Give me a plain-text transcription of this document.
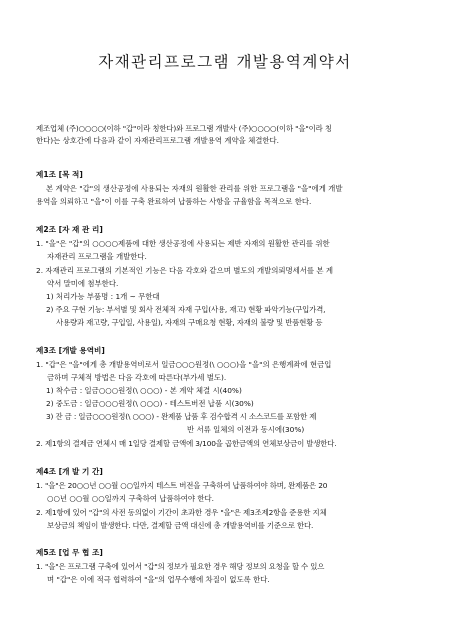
자재관리프로그램 개발용역계약서
제조업체 (주)○○○○(이하 "갑"이라 칭한다)와 프로그램 개발사 (주)○○○○(이하 "을"이라 칭
한다)는 상호간에 다음과 같이 자재관리프로그램 개발용역 계약을 체결한다.
제1조 [목 적]
본 계약은 "갑"의 생산공정에 사용되는 자재의 원활한 관리를 위한 프로그램을 "을"에게 개발
용역을 의뢰하고 "을"이 이를 구축 완료하여 납품하는 사항을 규율함을 목적으로 한다.
제2조 [자 재 관 리]
1. "을"은 "갑"의 ○○○○제품에 대한 생산공정에 사용되는 제반 자재의 원활한 관리를 위한
자재관리 프로그램을 개발한다.
2. 자재관리 프로그램의 기본적인 기능은 다음 각호와 같으며 별도의 개발의뢰명세서를 본 계
약서 말미에 첨부한다.
1) 처리가능 부품명 : 1개 ~ 무한대
2) 주요 구현 기능: 부서별 및 회사 전체적 자재 구입(사용, 재고) 현황 파악기능(구입가격,
사용량과 재고량, 구입일, 사용일), 자재의 구매요청 현황, 자재의 불량 및 반품현황 등
제3조 [개발 용역비]
1. "갑"은 "을"에게 총 개발용역비로서 일금○○○원정(\ ○○○)을 "을"의 은행계좌에 현금입
금하며 구체적 방법은 다음 각호에 따른다(부가세 별도).
1) 착수금 : 일금○○○원정(\ ○○○) - 본 계약 체결 시(40%)
2) 중도금 : 일금○○○원정(\ ○○○) - 테스트버전 납품 시(30%)
3) 잔 금 : 일금○○○원정(\ ○○○) - 완제품 납품 후 검수합격 시 소스코드를 포함한 제
반 서류 일체의 이전과 동시에(30%)
2. 제1항의 결제금 연체시 매 1일당 결제할 금액에 3/100을 곱한금액의 연체보상금이 발생한다.
제4조 [개 발 기 간]
1. "을"은 20○○년 ○○월 ○○일까지 테스트 버전을 구축하여 납품하여야 하며, 완제품은 20
○○년 ○○월 ○○일까지 구축하여 납품하여야 한다.
2. 제1항에 있어 "갑"의 사전 동의없이 기간이 초과한 경우 "을"은 제3조제2항을 준용한 지체
보상금의 책임이 발생한다. 다만, 결제할 금액 대신에 총 개발용역비를 기준으로 한다.
제5조 [업 무 협 조]
1. "을"은 프로그램 구축에 있어서 "갑"의 정보가 필요한 경우 해당 정보의 요청을 할 수 있으
며 "갑"은 이에 적극 협력하여 "을"의 업무수행에 차질이 없도록 한다.
